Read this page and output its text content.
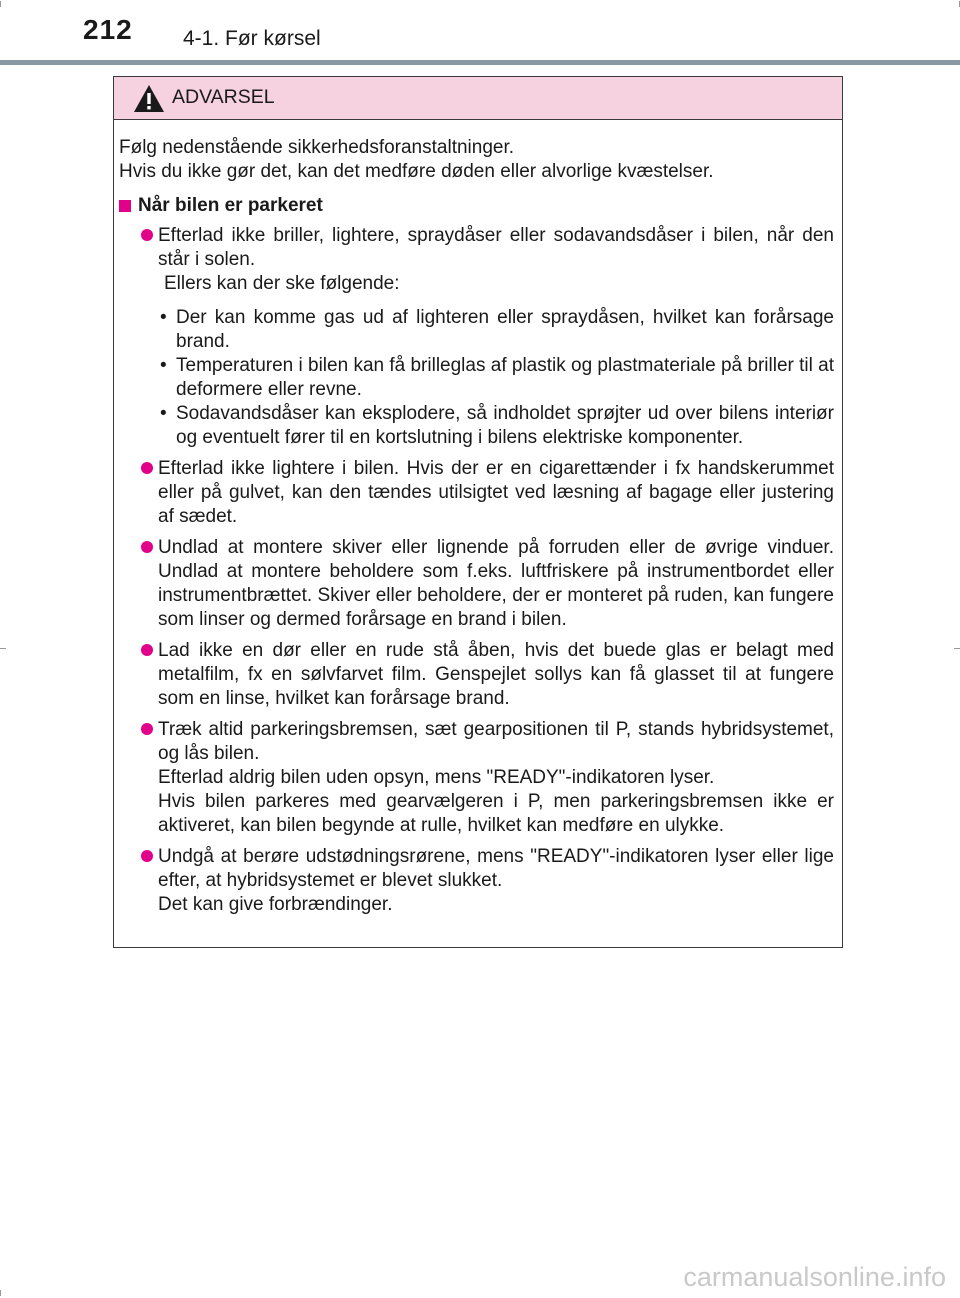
212 4-1. Før kørsel
ADVARSEL
Følg nedenstående sikkerhedsforanstaltninger.
Hvis du ikke gør det, kan det medføre døden eller alvorlige kvæstelser.
Når bilen er parkeret

Efterlad ikke briller, lightere, spraydåser eller sodavandsdåser i bilen, når den står i solen.

Ellers kan der ske følgende:

• Der kan komme gas ud af lighteren eller spraydåsen, hvilket kan forårsage brand.
• Temperaturen i bilen kan få brilleglas af plastik og plastmateriale på briller til at deformere eller revne.
• Sodavandsdåser kan eksplodere, så indholdet sprøjter ud over bilens interiør og eventuelt fører til en kortslutning i bilens elektriske komponenter.

Efterlad ikke lightere i bilen. Hvis der er en cigarettænder i fx handskerummet eller på gulvet, kan den tændes utilsigtet ved læsning af bagage eller justering af sædet.

Undlad at montere skiver eller lignende på forruden eller de øvrige vinduer. Undlad at montere beholdere som f.eks. luftfriskere på instrumentbordet eller instrumentbrættet. Skiver eller beholdere, der er monteret på ruden, kan fungere som linser og dermed forårsage en brand i bilen.

Lad ikke en dør eller en rude stå åben, hvis det buede glas er belagt med metalfilm, fx en sølvfarvet film. Genspejlet sollys kan få glasset til at fungere som en linse, hvilket kan forårsage brand.

Træk altid parkeringsbremsen, sæt gearpositionen til P, stands hybridsystemet, og lås bilen.

Efterlad aldrig bilen uden opsyn, mens "READY"-indikatoren lyser.

Hvis bilen parkeres med gearvælgeren i P, men parkeringsbremsen ikke er aktiveret, kan bilen begynde at rulle, hvilket kan medføre en ulykke.

Undgå at berøre udstødningsrørene, mens "READY"-indikatoren lyser eller lige efter, at hybridsystemet er blevet slukket.

Det kan give forbrændinger.

carmanualsonline.info
